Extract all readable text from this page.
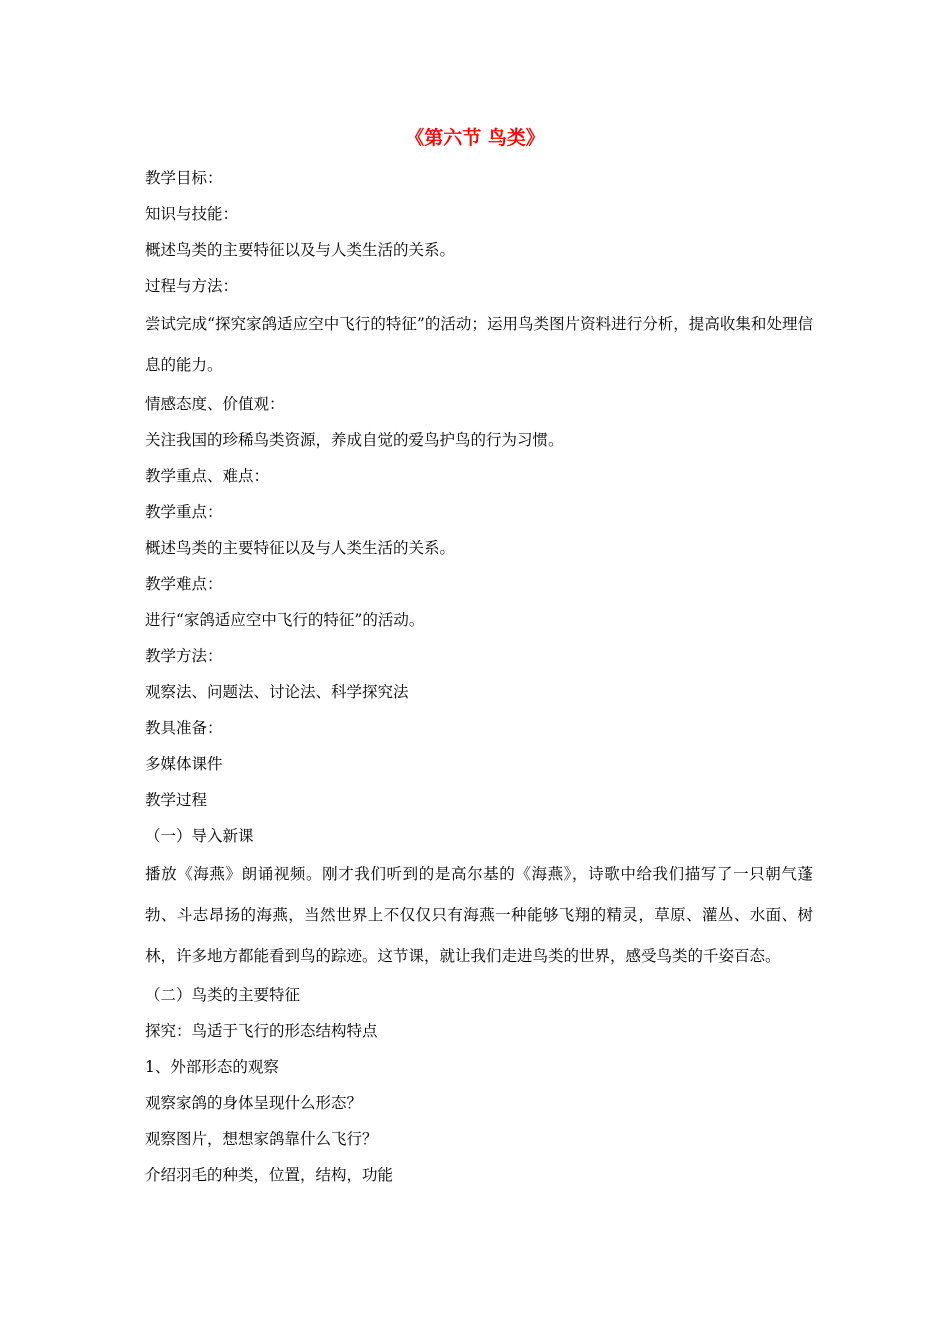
《第六节 鸟类》
教学目标：
知识与技能：
概述鸟类的主要特征以及与人类生活的关系。
过程与方法：
尝试完成“探究家鸽适应空中飞行的特征”的活动；运用鸟类图片资料进行分析，提高收集和处理信息的能力。
情感态度、价值观：
关注我国的珍稀鸟类资源，养成自觉的爱鸟护鸟的行为习惯。
教学重点、难点：
教学重点：
概述鸟类的主要特征以及与人类生活的关系。
教学难点：
进行“家鸽适应空中飞行的特征”的活动。
教学方法：
观察法、问题法、讨论法、科学探究法
教具准备：
多媒体课件
教学过程
（一）导入新课
播放《海燕》朗诵视频。刚才我们听到的是高尔基的《海燕》，诗歌中给我们描写了一只朝气蓬勃、斗志昂扬的海燕，当然世界上不仅仅只有海燕一种能够飞翔的精灵，草原、灌丛、水面、树林，许多地方都能看到鸟的踪迹。这节课，就让我们走进鸟类的世界，感受鸟类的千姿百态。
（二）鸟类的主要特征
探究：鸟适于飞行的形态结构特点
1、外部形态的观察
观察家鸽的身体呈现什么形态？
观察图片，想想家鸽靠什么飞行？
介绍羽毛的种类，位置，结构，功能
